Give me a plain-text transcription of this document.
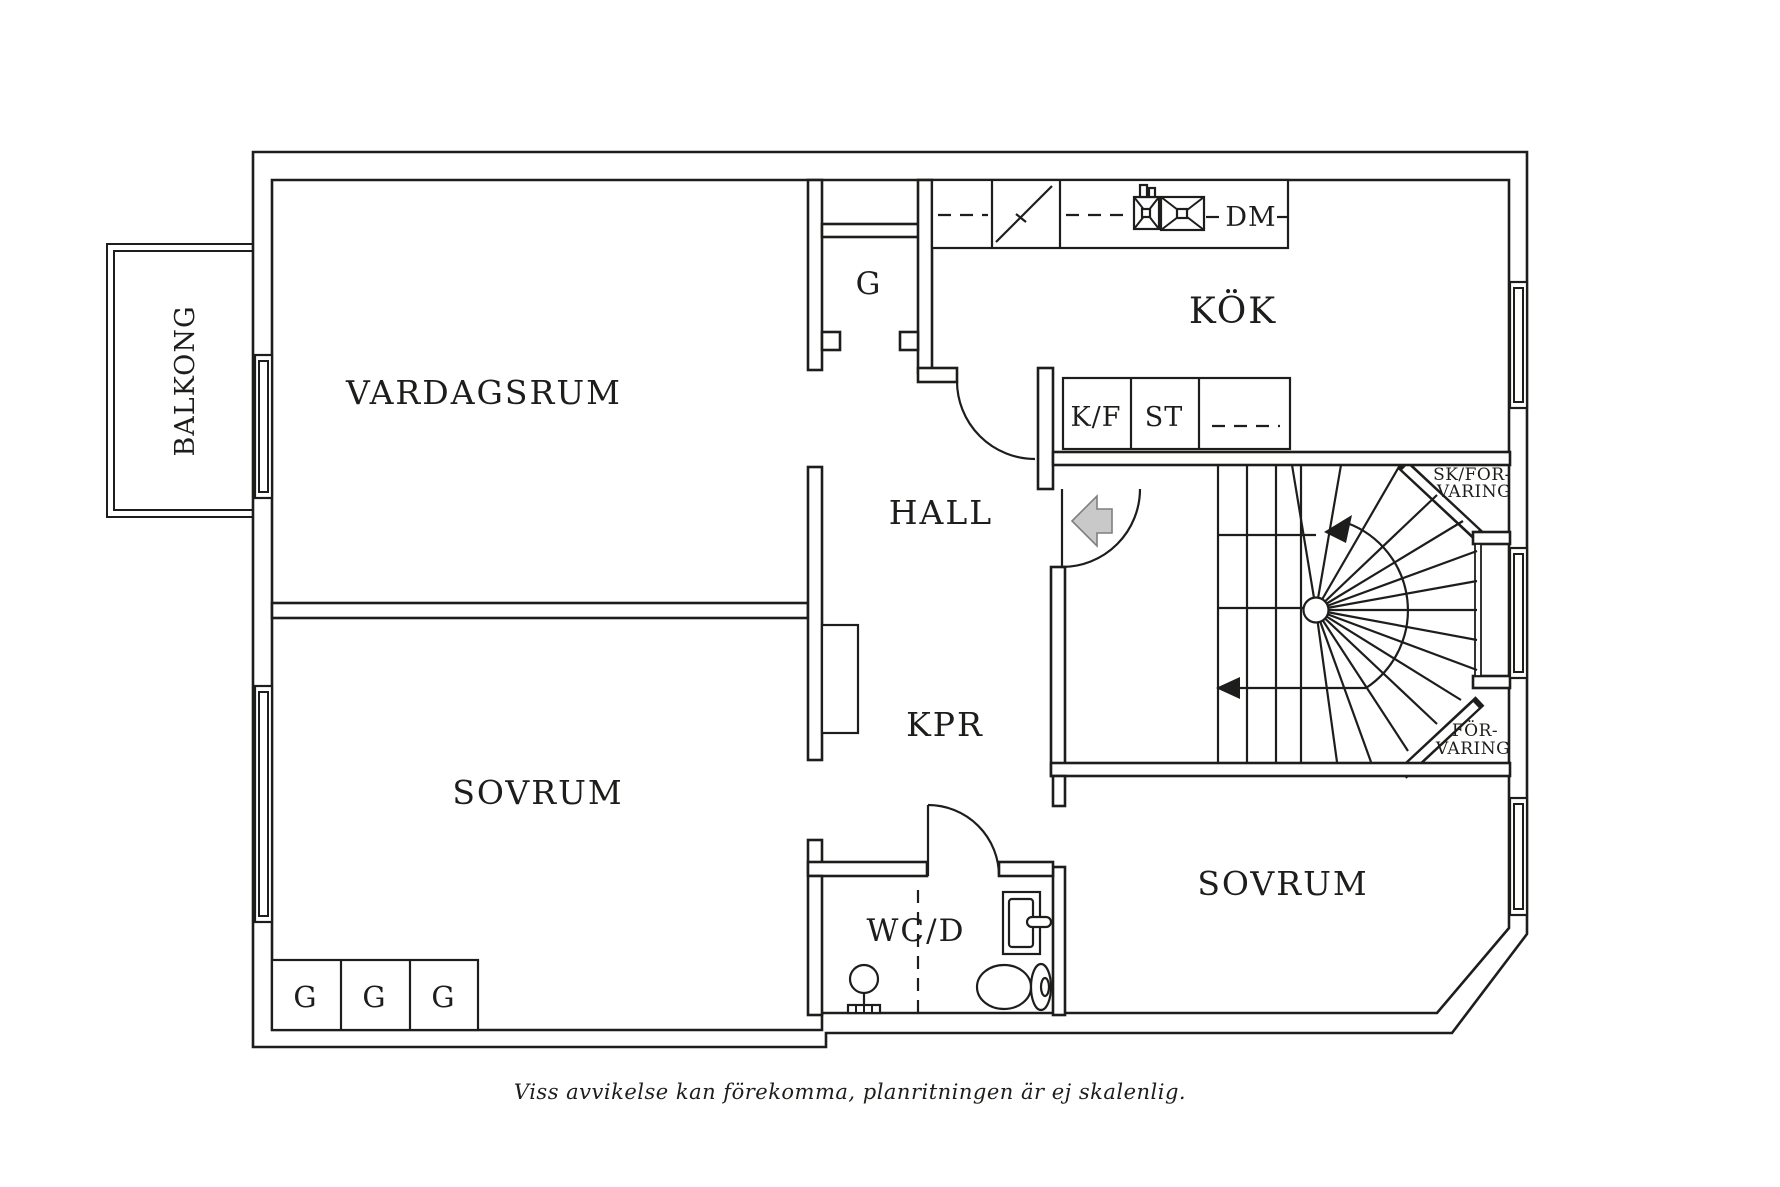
BALKONG	VARDAGSRUM
KÖK
HALL
KPR
SOVRUM
SOVRUM
WC/D
G
G G G
DM
K/F ST
SK/FÖR-
VARING
FÖR-
VARING
Viss avvikelse kan förekomma, planritningen är ej skalenlig.
